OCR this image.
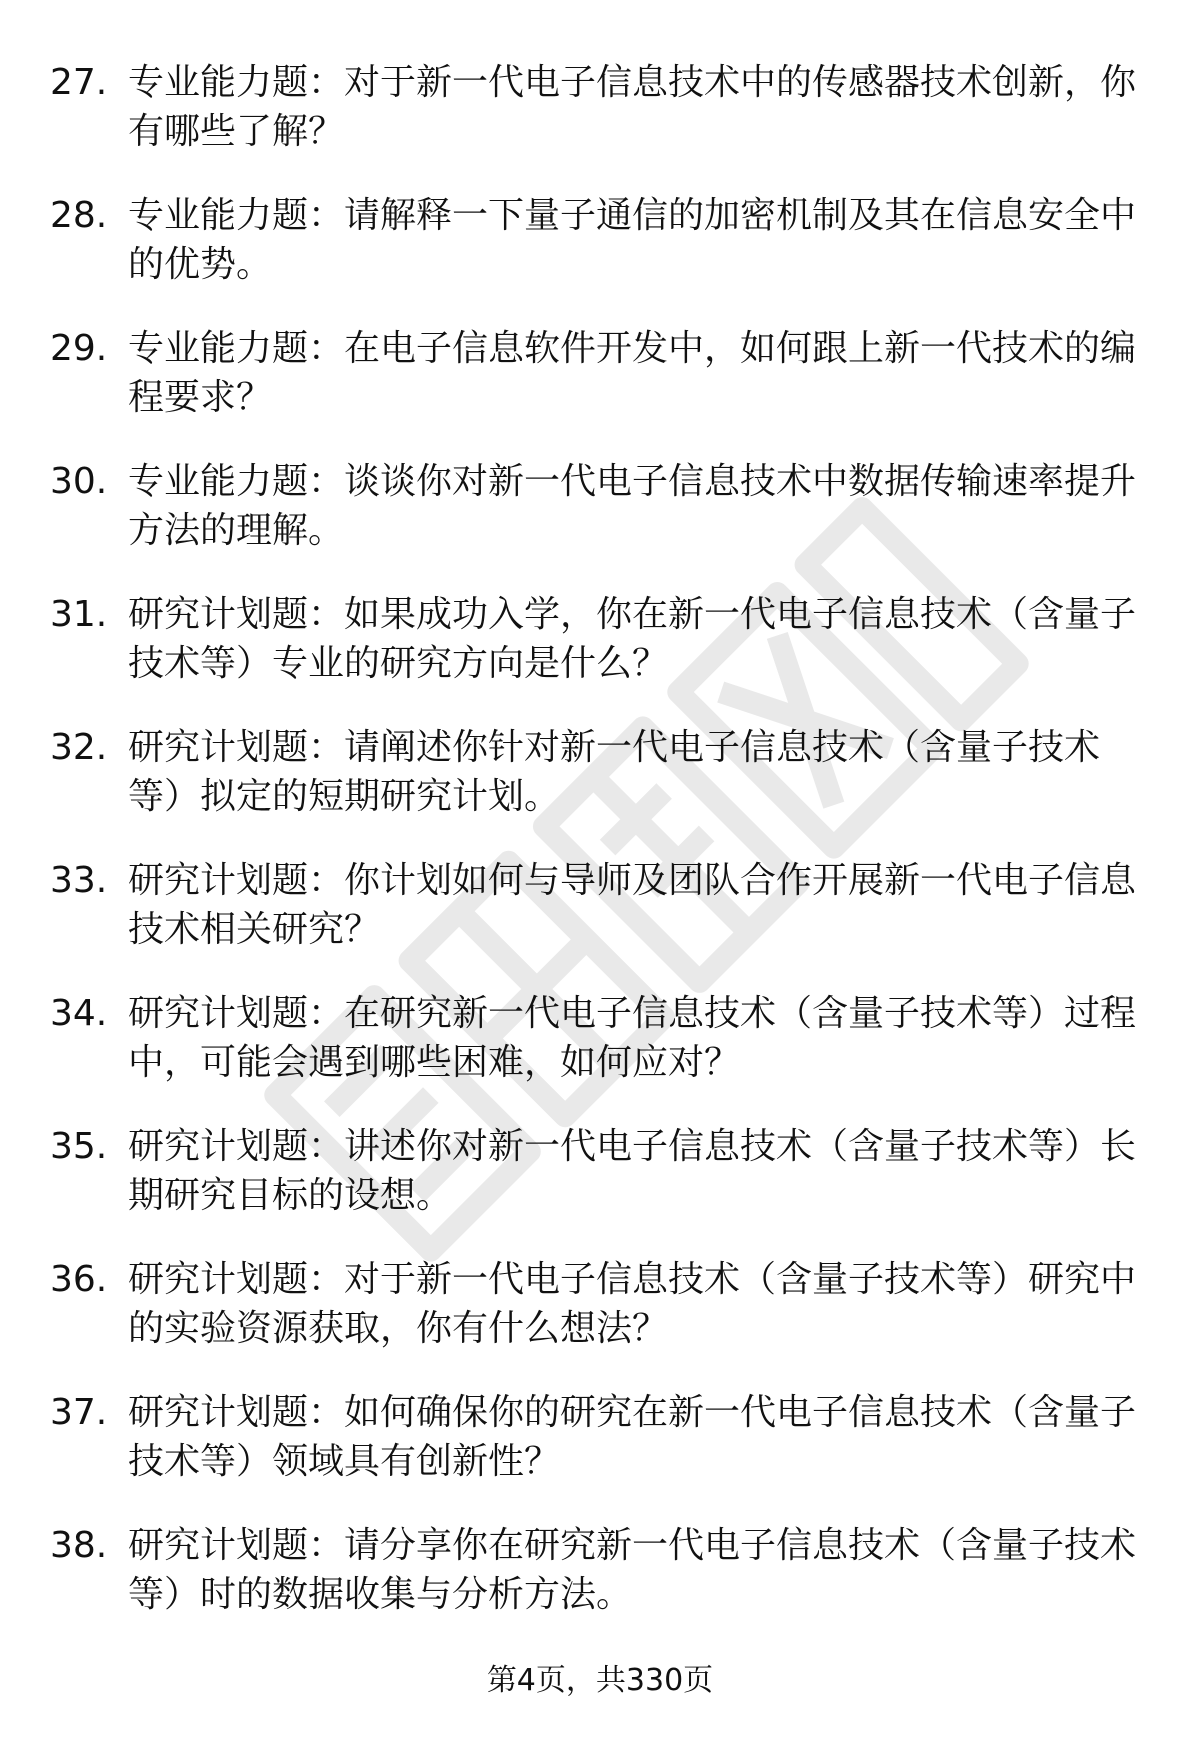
27. 专业能力题：对于新一代电子信息技术中的传感器技术创新，你
有哪些了解？
28. 专业能力题：请解释一下量子通信的加密机制及其在信息安全中
的优势。
29. 专业能力题：在电子信息软件开发中，如何跟上新一代技术的编
程要求？
30. 专业能力题：谈谈你对新一代电子信息技术中数据传输速率提升
方法的理解。
31. 研究计划题：如果成功入学，你在新一代电子信息技术（含量子
技术等）专业的研究方向是什么？
32. 研究计划题：请阐述你针对新一代电子信息技术（含量子技术
等）拟定的短期研究计划。
33. 研究计划题：你计划如何与导师及团队合作开展新一代电子信息
技术相关研究？
34. 研究计划题：在研究新一代电子信息技术（含量子技术等）过程
中，可能会遇到哪些困难，如何应对？
35. 研究计划题：讲述你对新一代电子信息技术（含量子技术等）长
期研究目标的设想。
36. 研究计划题：对于新一代电子信息技术（含量子技术等）研究中
的实验资源获取，你有什么想法？
37. 研究计划题：如何确保你的研究在新一代电子信息技术（含量子
技术等）领域具有创新性？
38. 研究计划题：请分享你在研究新一代电子信息技术（含量子技术
等）时的数据收集与分析方法。
第4页，共330页
